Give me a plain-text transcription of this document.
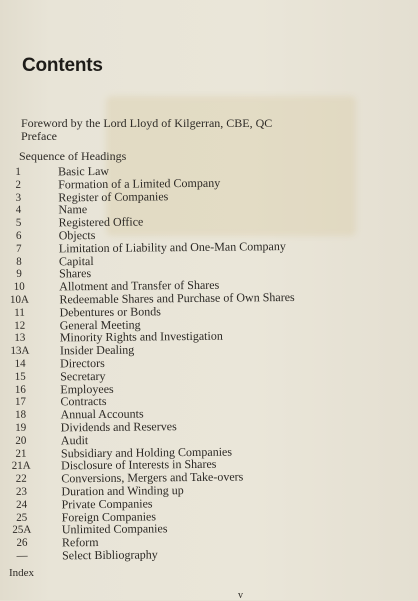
Contents
Foreword by the Lord Lloyd of Kilgerran, CBE, QC
Preface
Sequence of Headings
1	Basic Law
2	Formation of a Limited Company
3	Register of Companies
4	Name
5	Registered Office
6	Objects
7	Limitation of Liability and One-Man Company
8	Capital
9	Shares
10	Allotment and Transfer of Shares
10A	Redeemable Shares and Purchase of Own Shares
11	Debentures or Bonds
12	General Meeting
13	Minority Rights and Investigation
13A	Insider Dealing
14	Directors
15	Secretary
16	Employees
17	Contracts
18	Annual Accounts
19	Dividends and Reserves
20	Audit
21	Subsidiary and Holding Companies
21A	Disclosure of Interests in Shares
22	Conversions, Mergers and Take-overs
23	Duration and Winding up
24	Private Companies
25	Foreign Companies
25A	Unlimited Companies
26	Reform
—	Select Bibliography
Index
v
